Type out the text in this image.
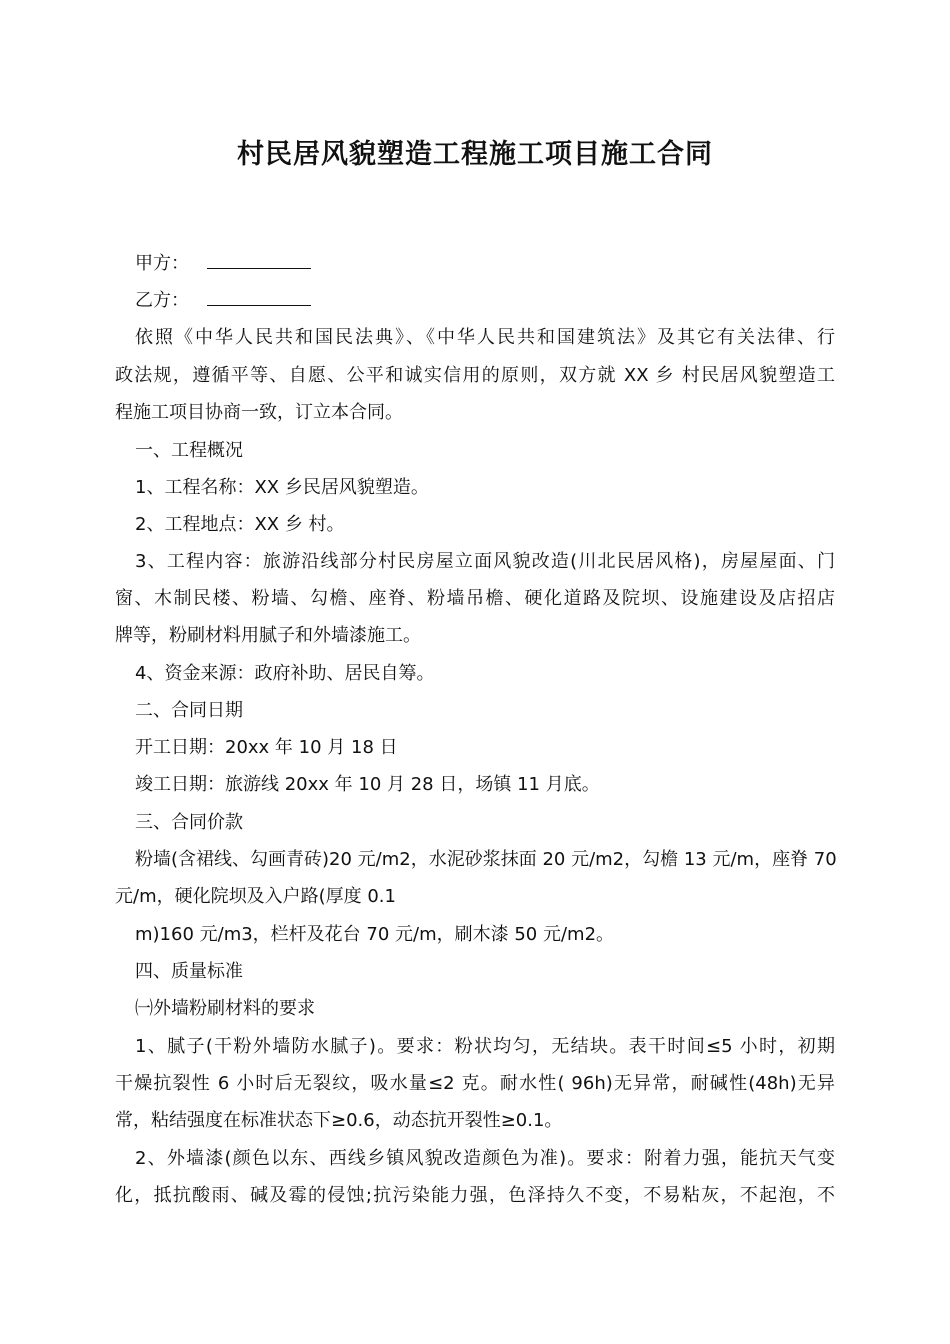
村民居风貌塑造工程施工项目施工合同
甲方：
乙方：
依照《中华人民共和国民法典》、《中华人民共和国建筑法》及其它有关法律、行
政法规，遵循平等、自愿、公平和诚实信用的原则，双方就 XX 乡 村民居风貌塑造工
程施工项目协商一致，订立本合同。
一、工程概况
1、工程名称：XX 乡民居风貌塑造。
2、工程地点：XX 乡 村。
3、工程内容：旅游沿线部分村民房屋立面风貌改造(川北民居风格)，房屋屋面、门
窗、木制民楼、粉墙、勾檐、座脊、粉墙吊檐、硬化道路及院坝、设施建设及店招店
牌等，粉刷材料用腻子和外墙漆施工。
4、资金来源：政府补助、居民自筹。
二、合同日期
开工日期：20xx 年 10 月 18 日
竣工日期：旅游线 20xx 年 10 月 28 日，场镇 11 月底。
三、合同价款
粉墙(含裙线、勾画青砖)20 元/m2，水泥砂浆抹面 20 元/m2，勾檐 13 元/m，座脊 70
元/m，硬化院坝及入户路(厚度 0.1
m)160 元/m3，栏杆及花台 70 元/m，刷木漆 50 元/m2。
四、质量标准
㈠外墙粉刷材料的要求
1、腻子(干粉外墙防水腻子)。要求：粉状均匀，无结块。表干时间≤5 小时，初期
干燥抗裂性 6 小时后无裂纹，吸水量≤2 克。耐水性( 96h)无异常，耐碱性(48h)无异
常，粘结强度在标准状态下≥0.6，动态抗开裂性≥0.1。
2、外墙漆(颜色以东、西线乡镇风貌改造颜色为准)。要求：附着力强，能抗天气变
化，抵抗酸雨、碱及霉的侵蚀;抗污染能力强，色泽持久不变，不易粘灰，不起泡，不
